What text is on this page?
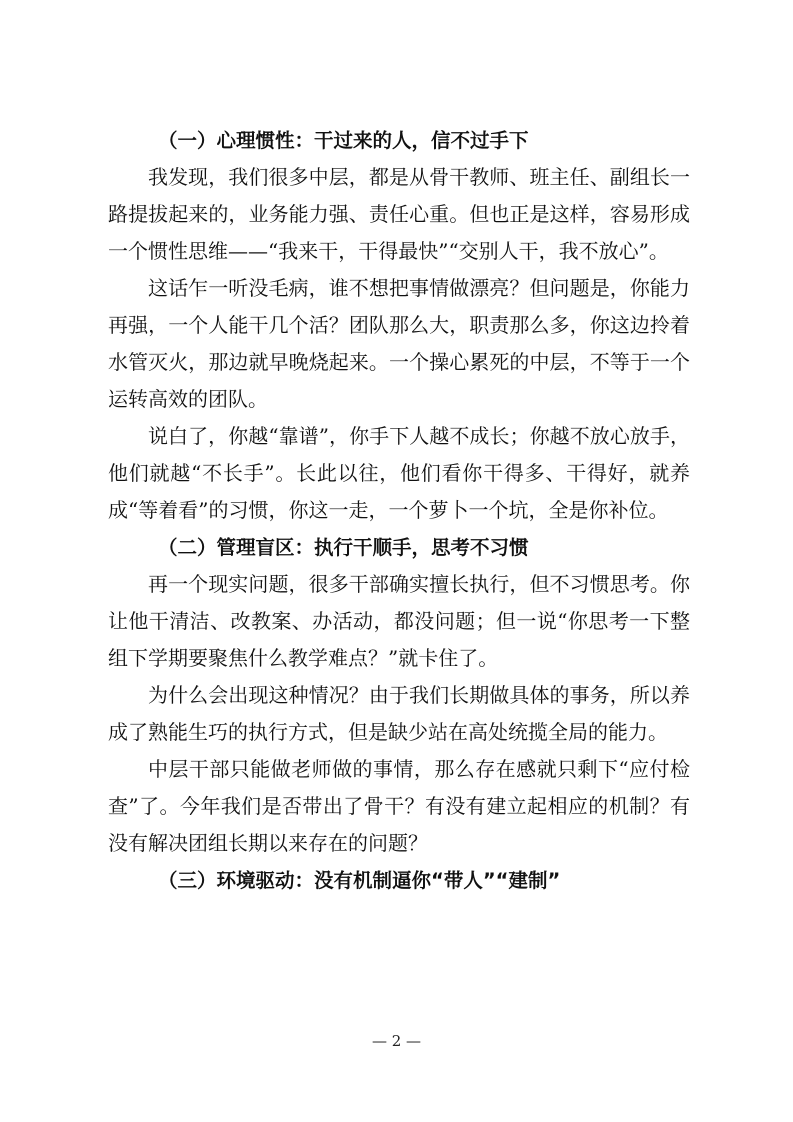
（一）心理惯性：干过来的人，信不过手下

我发现，我们很多中层，都是从骨干教师、班主任、副组长一路提拔起来的，业务能力强、责任心重。但也正是这样，容易形成一个惯性思维——“我来干，干得最快”“交别人干，我不放心”。

这话乍一听没毛病，谁不想把事情做漂亮？但问题是，你能力再强，一个人能干几个活？团队那么大，职责那么多，你这边拎着水管灭火，那边就早晚烧起来。一个操心累死的中层，不等于一个运转高效的团队。

说白了，你越“靠谱”，你手下人越不成长；你越不放心放手，他们就越“不长手”。长此以往，他们看你干得多、干得好，就养成“等着看”的习惯，你这一走，一个萝卜一个坑，全是你补位。

（二）管理盲区：执行干顺手，思考不习惯

再一个现实问题，很多干部确实擅长执行，但不习惯思考。你让他干清洁、改教案、办活动，都没问题；但一说“你思考一下整组下学期要聚焦什么教学难点？”就卡住了。

为什么会出现这种情况？由于我们长期做具体的事务，所以养成了熟能生巧的执行方式，但是缺少站在高处统揽全局的能力。

中层干部只能做老师做的事情，那么存在感就只剩下“应付检查”了。今年我们是否带出了骨干？有没有建立起相应的机制？有没有解决团组长期以来存在的问题？

（三）环境驱动：没有机制逼你“带人”“建制”
— 2 —
